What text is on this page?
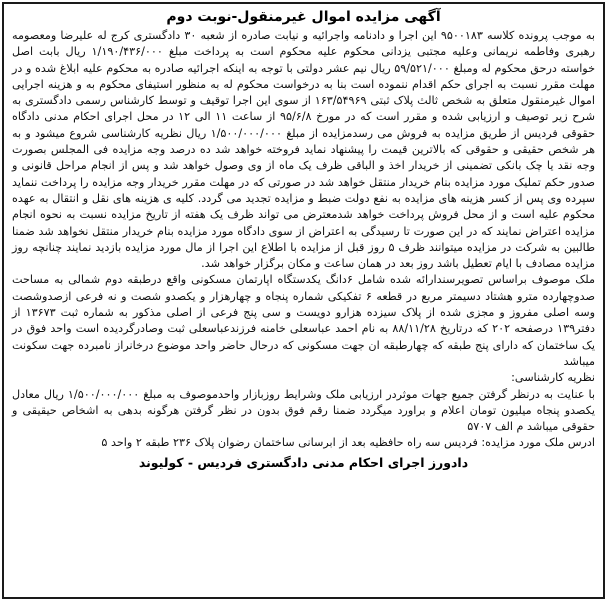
آگهی مزایده اموال غیرمنقول-نوبت دوم

به موجب پرونده کلاسه ۹۵۰۰۱۸۳ این اجرا و دادنامه واجرائیه و نیابت صادره از شعبه ۳۰ دادگستری کرج له علیرضا ومعصومه رهبری وفاطمه نریمانی وعلیه مجتبی یزدانی محکوم علیه محکوم است به پرداخت مبلغ ۱/۱۹۰/۴۳۶/۰۰۰ ریال بابت اصل خواسته درحق محکوم له ومبلغ ۵۹/۵۲۱/۰۰۰ ریال نیم عشر دولتی با توجه به اینکه اجرائیه صادره به محکوم علیه ابلاغ شده و در مهلت مقرر نسبت به اجرای حکم اقدام ننموده است بنا به درخواست محکوم له به منظور استیفای محکوم به و هزینه اجرایی اموال غیرمنقول متعلق به شخص ثالث پلاک ثبتی ۱۶۳/۵۴۹۶۹ از سوی این اجرا توقیف و توسط کارشناس رسمی دادگستری به شرح زیر توصیف و ارزیابی شده و مقرر است که در مورخ ۹۵/۶/۸ از ساعت ۱۱ الی ۱۲ در محل اجرای احکام مدنی دادگاه حقوقی فردیس از طریق مزایده به فروش می رسدمزایده از مبلغ ۱/۵۰۰/۰۰۰/۰۰۰ ریال نظریه کارشناسی شروع میشود و به هر شخص حقیقی و حقوقی که بالاترین قیمت را پیشنهاد نماید فروخته خواهد شد ده درصد وجه مزایده فی المجلس بصورت وجه نقد یا چک بانکی تضمینی از خریدار اخذ و الباقی ظرف یک ماه از وی وصول خواهد شد و پس از انجام مراحل قانونی و صدور حکم تملیک مورد مزایده بنام خریدار منتقل خواهد شد در صورتی که در مهلت مقرر خریدار وجه مزایده را پرداخت ننماید سپرده وی پس از کسر هزینه های مزایده به نفع دولت ضبط و مزایده تجدید می گردد. کلیه ی هزینه های نقل و انتقال به عهده محکوم علیه است و از محل فروش پرداخت خواهد شدمعترض می تواند ظرف یک هفته از تاریخ مزایده نسبت به نحوه انجام مزایده اعتراض نمایند که در این صورت تا رسیدگی به اعتراض از سوی دادگاه مورد مزایده بنام خریدار منتقل نخواهد شد ضمنا طالبین به شرکت در مزایده میتوانند ظرف ۵ روز قبل از مزایده با اطلاع این اجرا از مال مورد مزایده بازدید نمایند چنانچه روز مزایده مصادف با ایام تعطیل باشد روز بعد در همان ساعت و مکان برگزار خواهد شد.

ملک موصوف براساس تصویرسندارائه شده شامل ۶دانگ یکدستگاه اپارتمان مسکونی واقع درطبقه دوم شمالی به مساحت صدوچهارده مترو هشتاد دسیمتر مربع در قطعه ۶ تفکیکی شماره پنجاه و چهارهزار و یکصدو شصت و نه فرعی ازصدوشصت وسه اصلی مفروز و مجزی شده از پلاک سیزده هزارو دویست و سی پنج فرعی از اصلی مذکور به شماره ثبت ۱۳۶۷۳ از دفتر۱۳۹ درصفحه ۲۰۲ که درتاریخ ۸۸/۱۱/۲۸ به نام احمد عباسعلی خامنه فرزندعباسعلی ثبت وصادرگردیده است واحد فوق در یک ساختمان که دارای پنج طبقه که چهارطبقه ان جهت مسکونی که درحال حاضر واحد موضوع درخانراز نامبرده جهت سکونت میباشد

نظریه کارشناسی:

با عنایت به درنظر گرفتن جمیع جهات موثردر ارزیابی ملک وشرایط روزبازار واحدموصوف به مبلغ ۱/۵۰۰/۰۰۰/۰۰۰ ریال معادل یکصدو پنجاه میلیون تومان اعلام و براورد میگردد ضمنا رقم فوق بدون در نظر گرفتن هرگونه بدهی به اشخاص حیقیقی و حقوقی میباشد م الف ۵۷۰۷

ادرس ملک مورد مزایده: فردیس سه راه حافظیه بعد از ابرسانی ساختمان رضوان پلاک ۲۳۶ طبقه ۲ واحد ۵

دادورز اجرای احکام مدنی دادگستری فردیس - کولیوند
